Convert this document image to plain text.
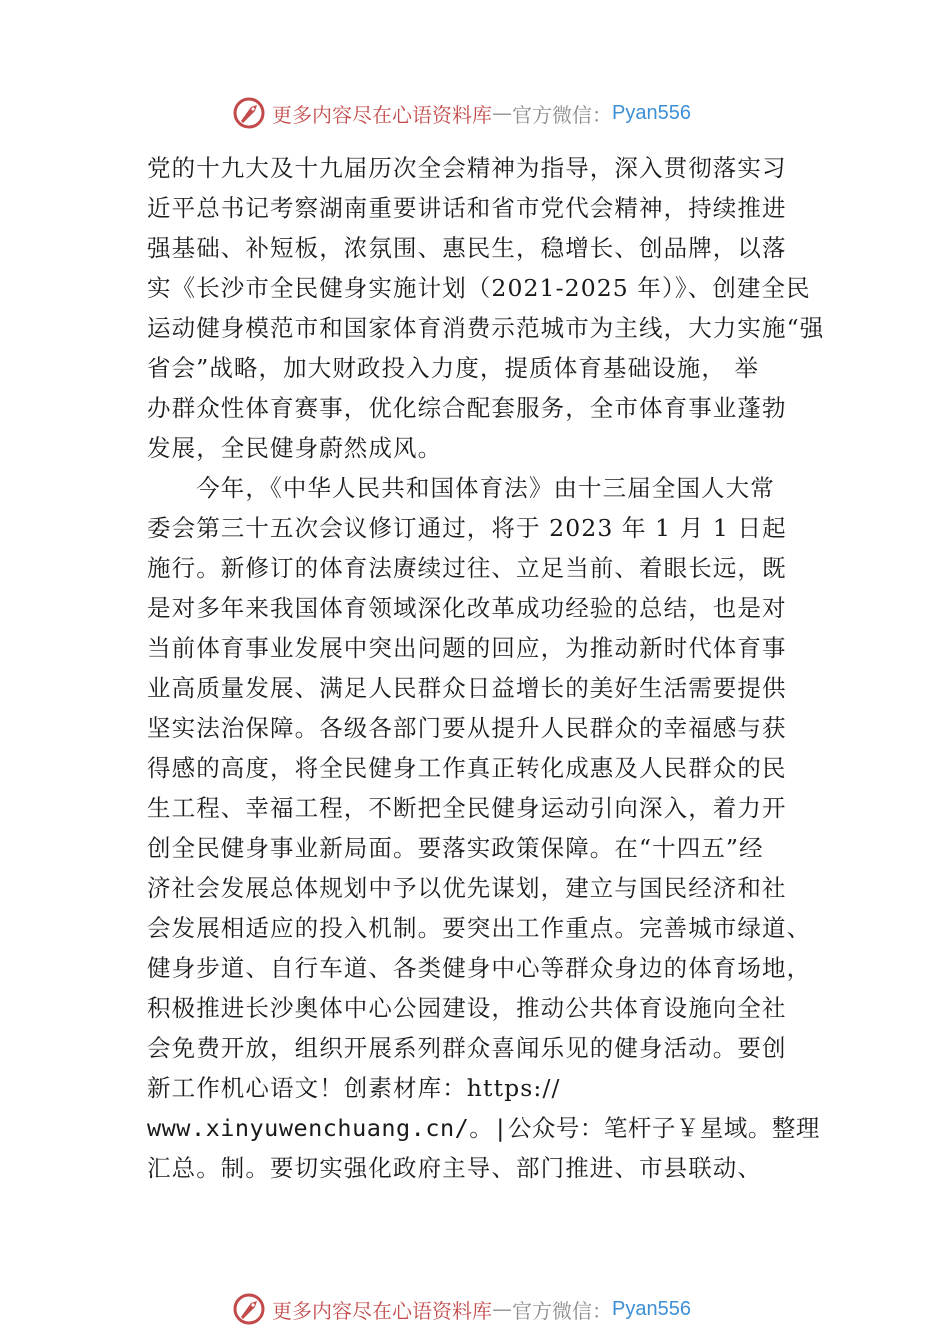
更多内容尽在心语资料库 — 官方微信： Pyan556
党的十九大及十九届历次全会精神为指导，深入贯彻落实习
近平总书记考察湖南重要讲话和省市党代会精神，持续推进
强基础、补短板，浓氛围、惠民生，稳增长、创品牌，以落
实《长沙市全民健身实施计划（2021-2025 年）》、创建全民
运动健身模范市和国家体育消费示范城市为主线，大力实施“强
省会”战略，加大财政投入力度，提质体育基础设施， 举
办群众性体育赛事，优化综合配套服务，全市体育事业蓬勃
发展，全民健身蔚然成风。
　　今年，《中华人民共和国体育法》由十三届全国人大常
委会第三十五次会议修订通过，将于 2023 年 1 月 1 日起
施行。新修订的体育法赓续过往、立足当前、着眼长远，既
是对多年来我国体育领域深化改革成功经验的总结，也是对
当前体育事业发展中突出问题的回应，为推动新时代体育事
业高质量发展、满足人民群众日益增长的美好生活需要提供
坚实法治保障。各级各部门要从提升人民群众的幸福感与获
得感的高度，将全民健身工作真正转化成惠及人民群众的民
生工程、幸福工程，不断把全民健身运动引向深入，着力开
创全民健身事业新局面。要落实政策保障。在“十四五”经
济社会发展总体规划中予以优先谋划，建立与国民经济和社
会发展相适应的投入机制。要突出工作重点。完善城市绿道、
健身步道、自行车道、各类健身中心等群众身边的体育场地，
积极推进长沙奥体中心公园建设，推动公共体育设施向全社
会免费开放，组织开展系列群众喜闻乐见的健身活动。要创
新工作机心语文！创素材库：https://
www.xinyuwenchuang.cn/。|公众号：笔杆子￥星域。整理
汇总。制。要切实强化政府主导、部门推进、市县联动、
更多内容尽在心语资料库 — 官方微信： Pyan556
